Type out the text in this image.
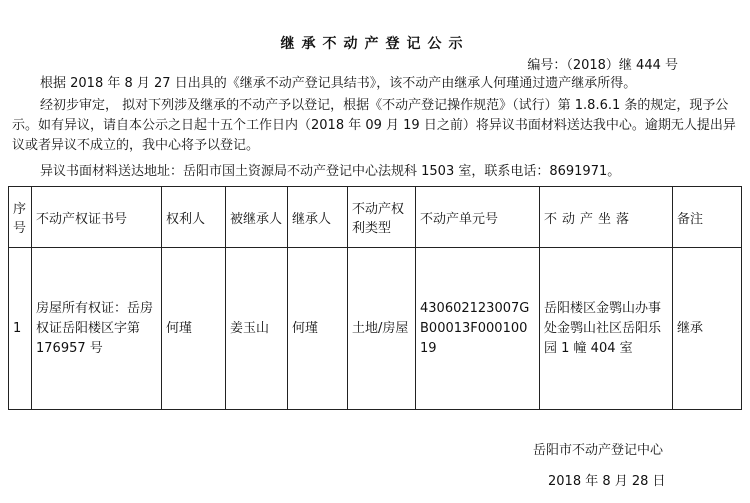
继承不动产登记公示
编号：（2018）继 444 号
根据 2018 年 8 月 27 日出具的《继承不动产登记具结书》，该不动产由继承人何瑾通过遗产继承所得。
经初步审定， 拟对下列涉及继承的不动产予以登记，根据《不动产登记操作规范》（试行）第 1.8.6.1 条的规定，现予公示。如有异议，请自本公示之日起十五个工作日内（2018 年 09 月 19 日之前）将异议书面材料送达我中心。逾期无人提出异议或者异议不成立的，我中心将予以登记。
异议书面材料送达地址：岳阳市国土资源局不动产登记中心法规科 1503 室，联系电话：8691971。
序号	不动产权证书号	权利人	被继承人	继承人	不动产权利类型	不动产单元号	不动产坐落	备注
1	房屋所有权证：岳房权证岳阳楼区字第 176957 号	何瑾	姜玉山	何瑾	土地/房屋	430602123007GB00013F00010019	岳阳楼区金鹗山办事处金鹗山社区岳阳乐园 1 幢 404 室	继承
岳阳市不动产登记中心
2018 年 8 月 28 日
